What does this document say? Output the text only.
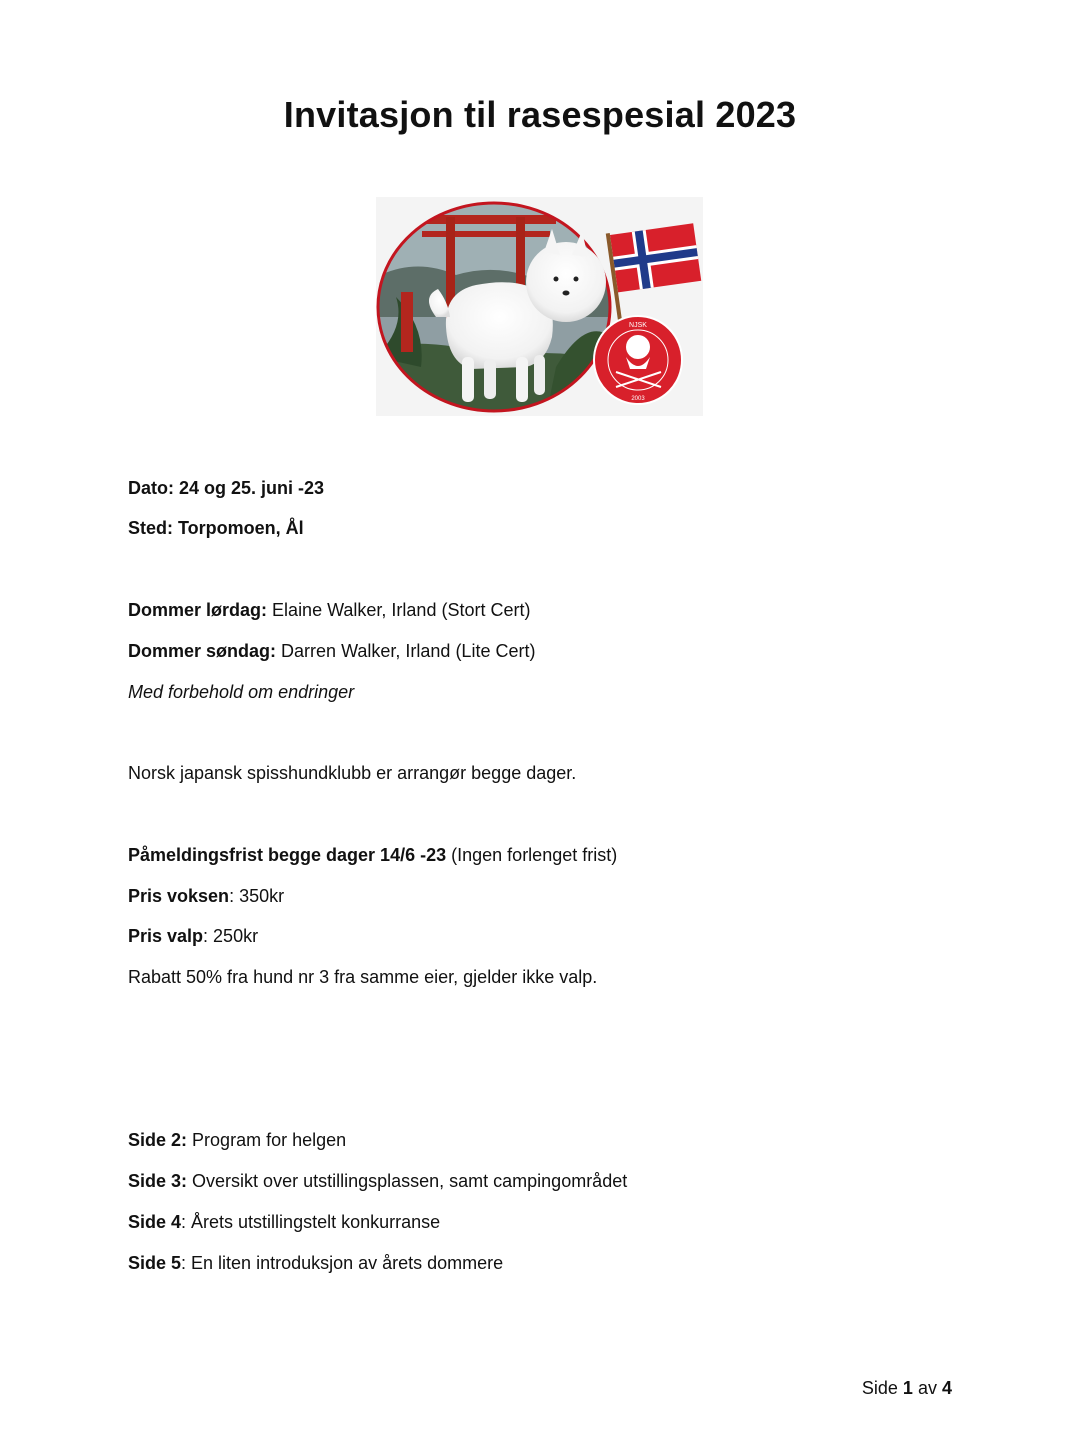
Invitasjon til rasespesial 2023
NJSK
2003
Dato: 24 og 25. juni -23
Sted: Torpomoen, Ål
Dommer lørdag: Elaine Walker, Irland (Stort Cert)
Dommer søndag: Darren Walker, Irland (Lite Cert)
Med forbehold om endringer
Norsk japansk spisshundklubb er arrangør begge dager.
Påmeldingsfrist begge dager 14/6 -23 (Ingen forlenget frist)
Pris voksen: 350kr
Pris valp: 250kr
Rabatt 50% fra hund nr 3 fra samme eier, gjelder ikke valp.
Side 2: Program for helgen
Side 3: Oversikt over utstillingsplassen, samt campingområdet
Side 4: Årets utstillingstelt konkurranse
Side 5: En liten introduksjon av årets dommere
Side 1 av 4
